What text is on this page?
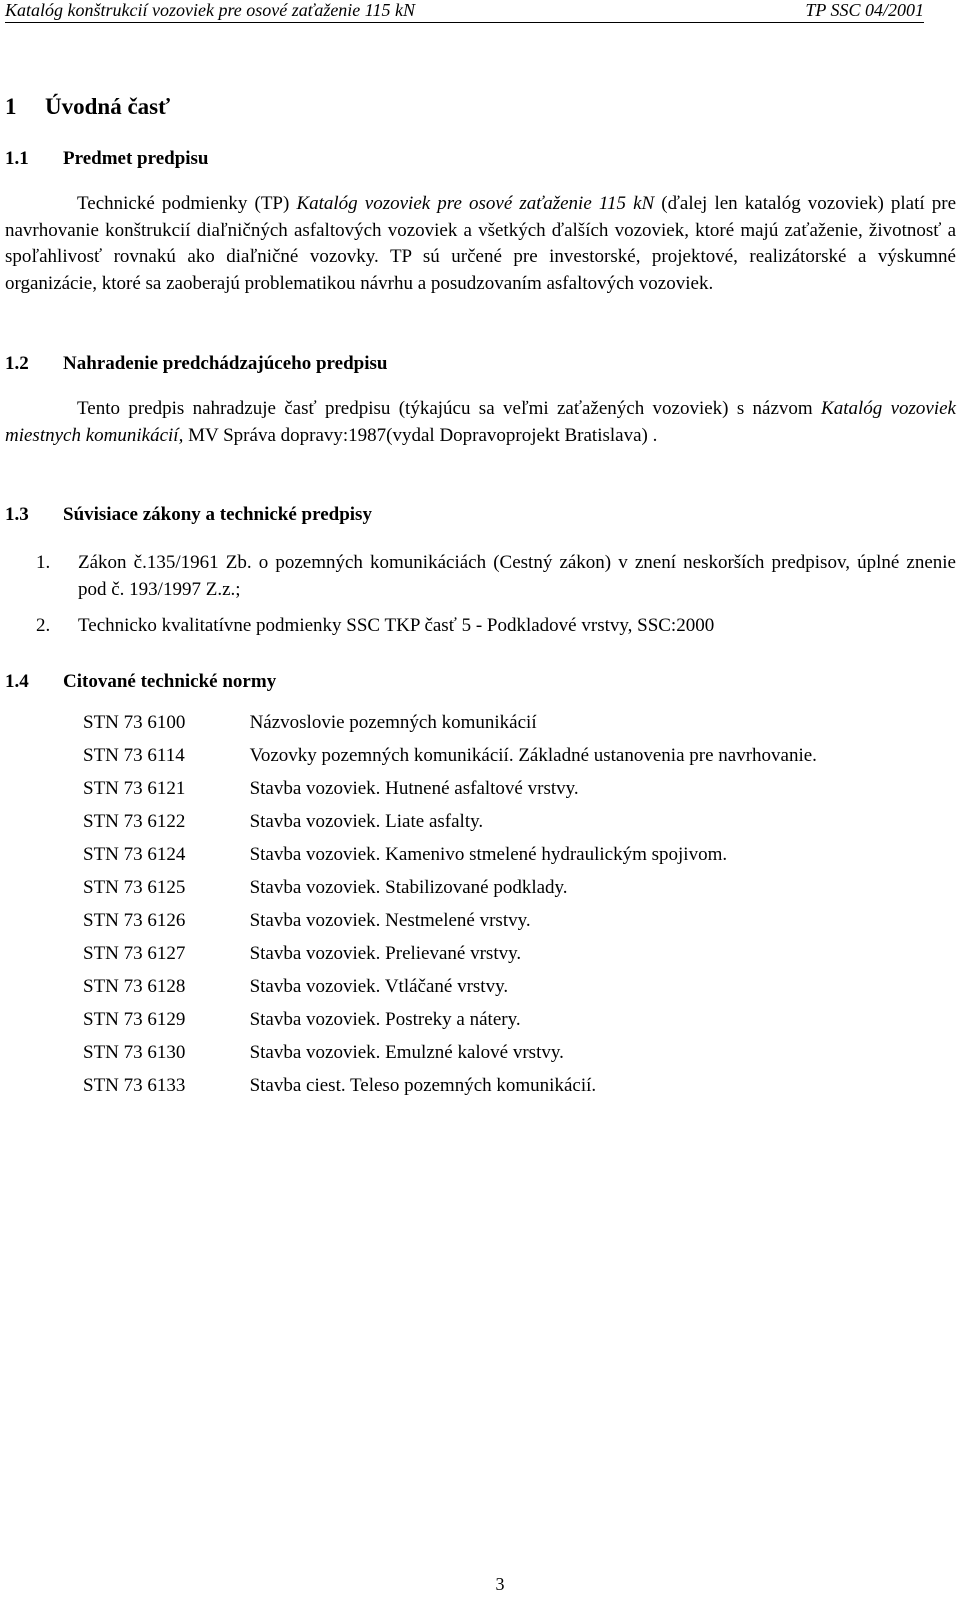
Katalóg konštrukcií vozoviek pre osové zaťaženie 115 kN	TP SSC 04/2001
1 Úvodná časť
1.1 Predmet predpisu

Technické podmienky (TP) Katalóg vozoviek pre osové zaťaženie 115 kN (ďalej len katalóg vozoviek) platí pre navrhovanie konštrukcií diaľničných asfaltových vozoviek a všetkých ďalších vozoviek, ktoré majú zaťaženie, životnosť a spoľahlivosť rovnakú ako diaľničné vozovky. TP sú určené pre investorské, projektové, realizátorské a výskumné organizácie, ktoré sa zaoberajú problematikou návrhu a posudzovaním asfaltových vozoviek.

1.2 Nahradenie predchádzajúceho predpisu

Tento predpis nahradzuje časť predpisu (týkajúcu sa veľmi zaťažených vozoviek) s názvom Katalóg vozoviek miestnych komunikácií, MV Správa dopravy:1987(vydal Dopravoprojekt Bratislava) .

1.3 Súvisiace zákony a technické predpisy
1. Zákon č.135/1961 Zb. o pozemných komunikáciách (Cestný zákon) v znení neskorších predpisov, úplné znenie pod č. 193/1997 Z.z.;
2. Technicko kvalitatívne podmienky SSC TKP časť 5 - Podkladové vrstvy, SSC:2000
1.4 Citované technické normy
STN 73 6100	Názvoslovie pozemných komunikácií
STN 73 6114	Vozovky pozemných komunikácií. Základné ustanovenia pre navrhovanie.
STN 73 6121	Stavba vozoviek. Hutnené asfaltové vrstvy.
STN 73 6122	Stavba vozoviek. Liate asfalty.
STN 73 6124	Stavba vozoviek. Kamenivo stmelené hydraulickým spojivom.
STN 73 6125	Stavba vozoviek. Stabilizované podklady.
STN 73 6126	Stavba vozoviek. Nestmelené vrstvy.
STN 73 6127	Stavba vozoviek. Prelievané vrstvy.
STN 73 6128	Stavba vozoviek. Vtláčané vrstvy.
STN 73 6129	Stavba vozoviek. Postreky a nátery.
STN 73 6130	Stavba vozoviek. Emulzné kalové vrstvy.
STN 73 6133	Stavba ciest. Teleso pozemných komunikácií.
3
